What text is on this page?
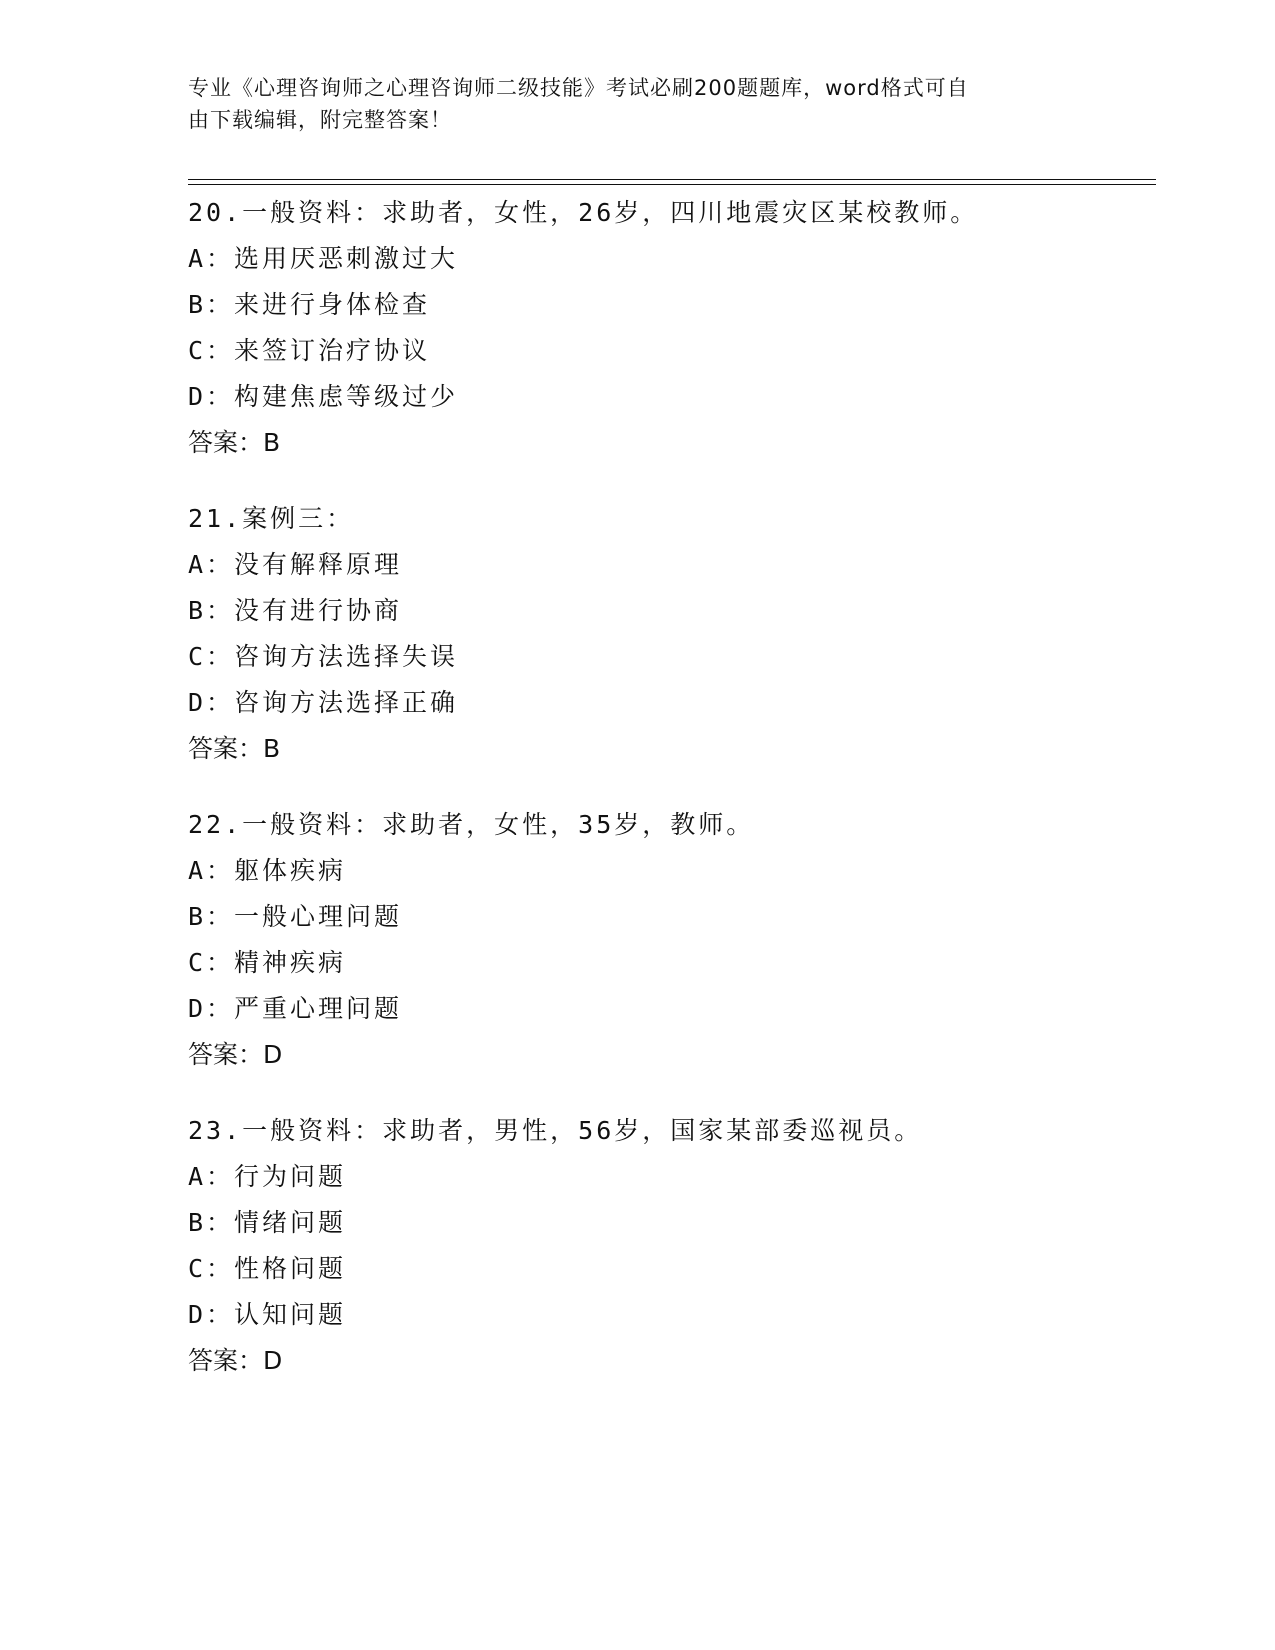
专业《心理咨询师之心理咨询师二级技能》考试必刷200题题库，word格式可自
由下载编辑，附完整答案！
20.一般资料：求助者，女性，26岁，四川地震灾区某校教师。
A：选用厌恶刺激过大
B：来进行身体检查
C：来签订治疗协议
D：构建焦虑等级过少
答案：B
21.案例三：
A：没有解释原理
B：没有进行协商
C：咨询方法选择失误
D：咨询方法选择正确
答案：B
22.一般资料：求助者，女性，35岁，教师。
A：躯体疾病
B：一般心理问题
C：精神疾病
D：严重心理问题
答案：D
23.一般资料：求助者，男性，56岁，国家某部委巡视员。
A：行为问题
B：情绪问题
C：性格问题
D：认知问题
答案：D
